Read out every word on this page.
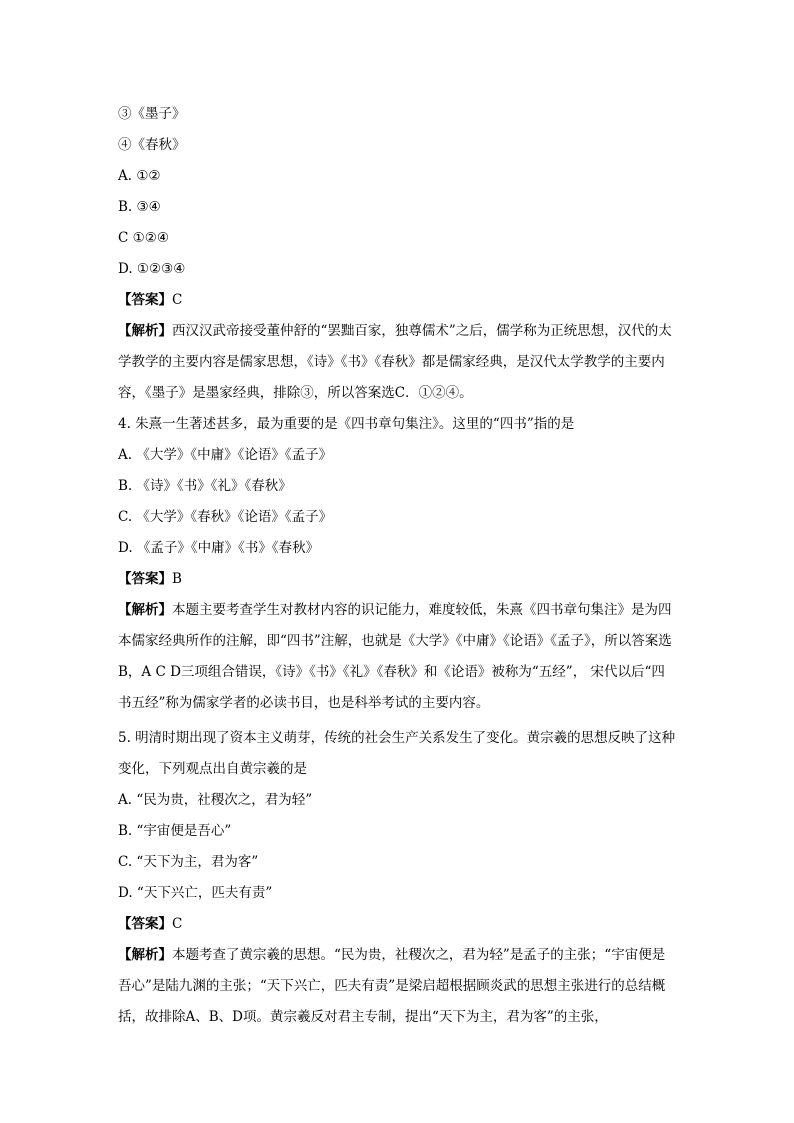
③《墨子》
④《春秋》
A. ①②
B. ③④
C ①②④
D. ①②③④
【答案】C
【解析】西汉汉武帝接受董仲舒的“罢黜百家，独尊儒术”之后，儒学称为正统思想，汉代的太学教学的主要内容是儒家思想，《诗》《书》《春秋》都是儒家经典，是汉代太学教学的主要内容，《墨子》是墨家经典，排除③，所以答案选C．①②④。
4. 朱熹一生著述甚多，最为重要的是《四书章句集注》。这里的“四书”指的是
A. 《大学》《中庸》《论语》《孟子》
B. 《诗》《书》《礼》《春秋》
C. 《大学》《春秋》《论语》《孟子》
D. 《孟子》《中庸》《书》《春秋》
【答案】B
【解析】本题主要考查学生对教材内容的识记能力，难度较低，朱熹《四书章句集注》是为四本儒家经典所作的注解，即“四书”注解，也就是《大学》《中庸》《论语》《孟子》，所以答案选B，A C D三项组合错误，《诗》《书》《礼》《春秋》和《论语》被称为“五经”， 宋代以后“四书五经”称为儒家学者的必读书目，也是科举考试的主要内容。
5. 明清时期出现了资本主义萌芽，传统的社会生产关系发生了变化。黄宗羲的思想反映了这种变化，下列观点出自黄宗羲的是
A. “民为贵，社稷次之，君为轻”
B. “宇宙便是吾心”
C. “天下为主，君为客”
D. “天下兴亡，匹夫有责”
【答案】C
【解析】本题考查了黄宗羲的思想。“民为贵，社稷次之，君为轻”是孟子的主张；“宇宙便是吾心”是陆九渊的主张；“天下兴亡，匹夫有责”是梁启超根据顾炎武的思想主张进行的总结概括，故排除A、B、D项。黄宗羲反对君主专制，提出“天下为主，君为客”的主张，
